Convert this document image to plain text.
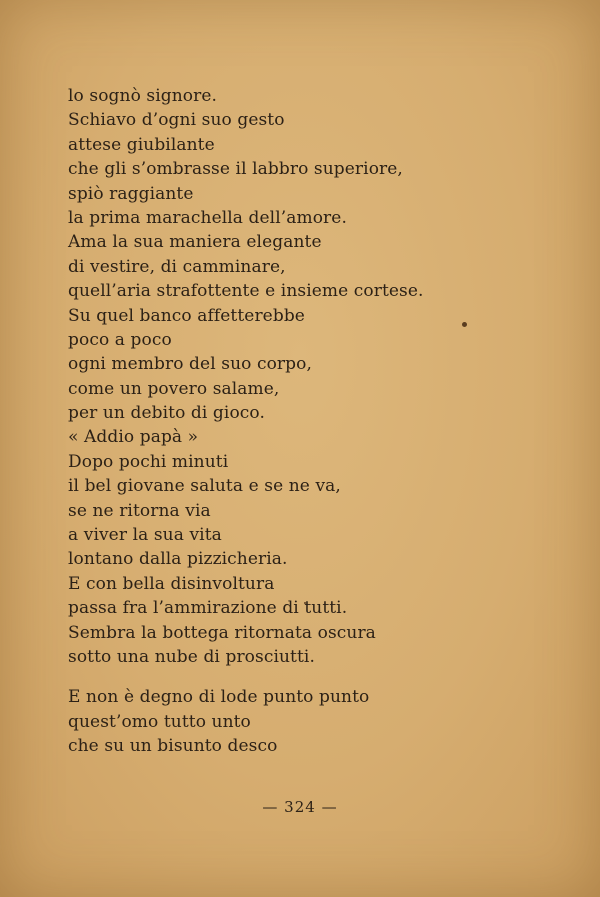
lo sognò signore.
Schiavo d’ogni suo gesto
attese giubilante
che gli s’ombrasse il labbro superiore,
spiò raggiante
la prima marachella dell’amore.
Ama la sua maniera elegante
di vestire, di camminare,
quell’aria strafottente e insieme cortese.
Su quel banco affetterebbe
poco a poco
ogni membro del suo corpo,
come un povero salame,
per un debito di gioco.
« Addio papà »
Dopo pochi minuti
il bel giovane saluta e se ne va,
se ne ritorna via
a viver la sua vita
lontano dalla pizzicheria.
E con bella disinvoltura
passa fra l’ammirazione di tutti.
Sembra la bottega ritornata oscura
sotto una nube di prosciutti.
E non è degno di lode punto punto
quest’omo tutto unto
che su un bisunto desco
— 324 —
